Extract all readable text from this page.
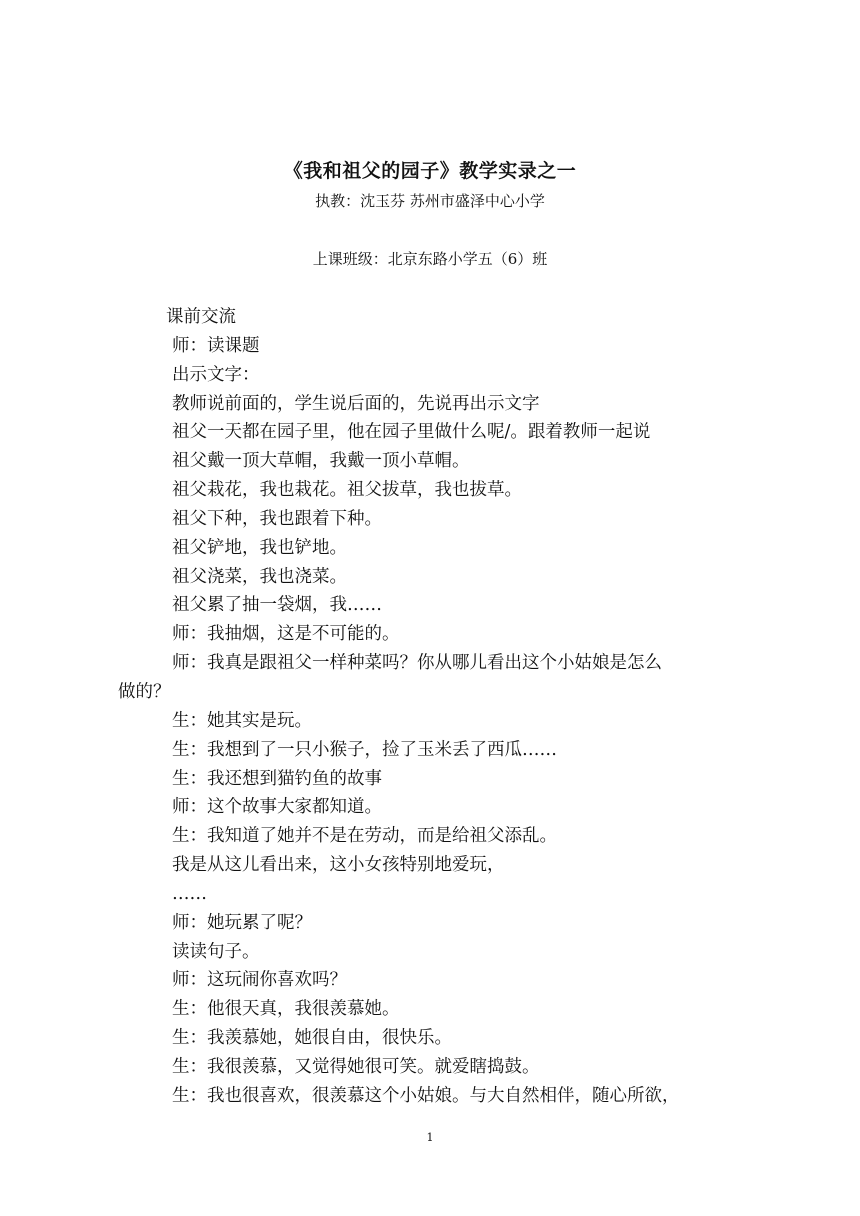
《我和祖父的园子》教学实录之一
执教：沈玉芬 苏州市盛泽中心小学
上课班级：北京东路小学五（6）班
课前交流
师：读课题
出示文字：
教师说前面的，学生说后面的，先说再出示文字
祖父一天都在园子里，他在园子里做什么呢/。跟着教师一起说
祖父戴一顶大草帽，我戴一顶小草帽。
祖父栽花，我也栽花。祖父拔草，我也拔草。
祖父下种，我也跟着下种。
祖父铲地，我也铲地。
祖父浇菜，我也浇菜。
祖父累了抽一袋烟，我……
师：我抽烟，这是不可能的。
师：我真是跟祖父一样种菜吗？你从哪儿看出这个小姑娘是怎么
做的？
生：她其实是玩。
生：我想到了一只小猴子，捡了玉米丢了西瓜……
生：我还想到猫钓鱼的故事
师：这个故事大家都知道。
生：我知道了她并不是在劳动，而是给祖父添乱。
我是从这儿看出来，这小女孩特别地爱玩，
……
师：她玩累了呢？
读读句子。
师：这玩闹你喜欢吗？
生：他很天真，我很羡慕她。
生：我羡慕她，她很自由，很快乐。
生：我很羡慕，又觉得她很可笑。就爱瞎捣鼓。
生：我也很喜欢，很羡慕这个小姑娘。与大自然相伴，随心所欲，
1
